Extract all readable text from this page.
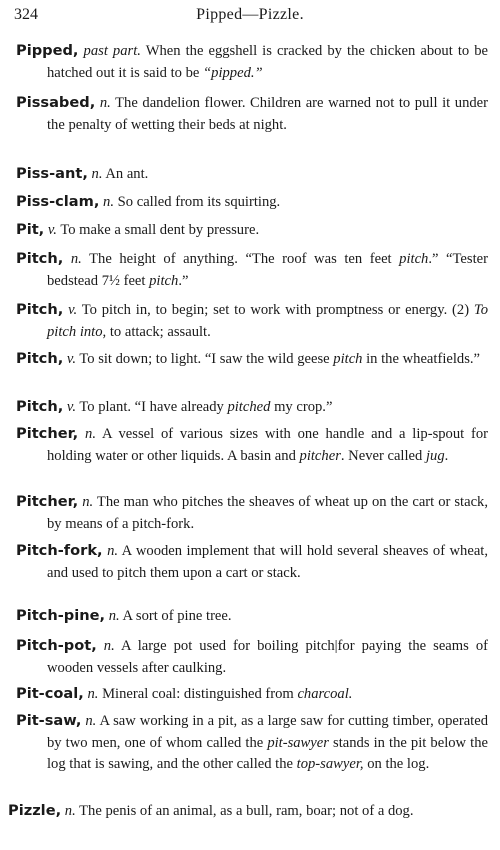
324	Pipped—Pizzle.
Pipped, past part. When the eggshell is cracked by the chicken about to be hatched out it is said to be “pipped.”
Pissabed, n. The dandelion flower. Children are warned not to pull it under the penalty of wetting their beds at night.
Piss-ant, n. An ant.
Piss-clam, n. So called from its squirting.
Pit, v. To make a small dent by pressure.
Pitch, n. The height of anything. “The roof was ten feet pitch.” “Tester bedstead 7½ feet pitch.”
Pitch, v. To pitch in, to begin; set to work with promptness or energy. (2) To pitch into, to attack; assault.
Pitch, v. To sit down; to light. “I saw the wild geese pitch in the wheatfields.”
Pitch, v. To plant. “I have already pitched my crop.”
Pitcher, n. A vessel of various sizes with one handle and a lip-spout for holding water or other liquids. A basin and pitcher. Never called jug.
Pitcher, n. The man who pitches the sheaves of wheat up on the cart or stack, by means of a pitch-fork.
Pitch-fork, n. A wooden implement that will hold several sheaves of wheat, and used to pitch them upon a cart or stack.
Pitch-pine, n. A sort of pine tree.
Pitch-pot, n. A large pot used for boiling pitch|for paying the seams of wooden vessels after caulking.
Pit-coal, n. Mineral coal: distinguished from charcoal.
Pit-saw, n. A saw working in a pit, as a large saw for cutting timber, operated by two men, one of whom called the pit-sawyer stands in the pit below the log that is sawing, and the other called the top-sawyer, on the log.
Pizzle, n. The penis of an animal, as a bull, ram, boar; not of a dog.
